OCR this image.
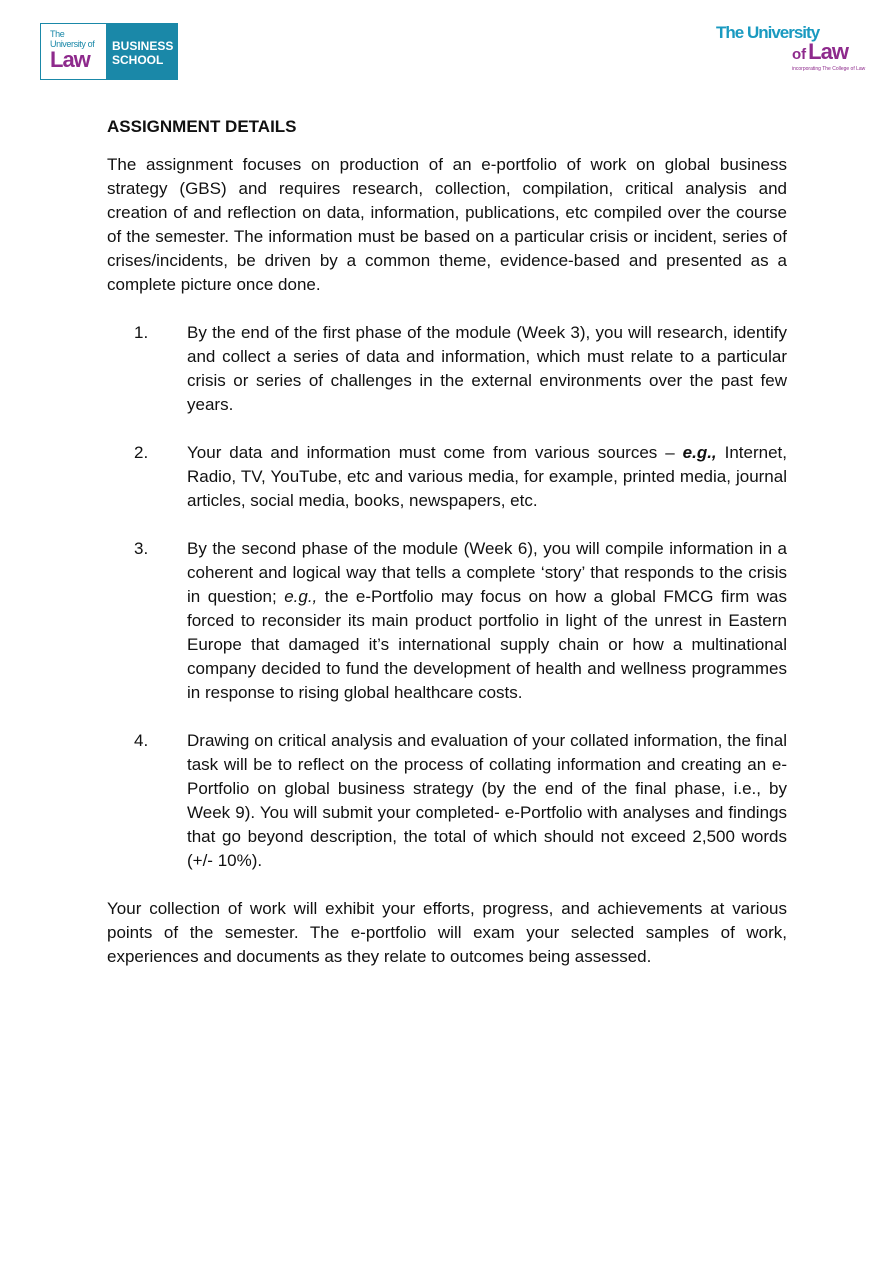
The
University of
Law
BUSINESS
SCHOOL
The University
of Law
incorporating The College of Law
ASSIGNMENT DETAILS

The assignment focuses on production of an e-portfolio of work on global business strategy (GBS) and requires research, collection, compilation, critical analysis and creation of and reflection on data, information, publications, etc compiled over the course of the semester. The information must be based on a particular crisis or incident, series of crises/incidents, be driven by a common theme, evidence-based and presented as a complete picture once done.

1.	By the end of the first phase of the module (Week 3), you will research, identify and collect a series of data and information, which must relate to a particular crisis or series of challenges in the external environments over the past few years.
2.	Your data and information must come from various sources – e.g., Internet, Radio, TV, YouTube, etc and various media, for example, printed media, journal articles, social media, books, newspapers, etc.
3.	By the second phase of the module (Week 6), you will compile information in a coherent and logical way that tells a complete ‘story’ that responds to the crisis in question; e.g., the e-Portfolio may focus on how a global FMCG firm was forced to reconsider its main product portfolio in light of the unrest in Eastern Europe that damaged it’s international supply chain or how a multinational company decided to fund the development of health and wellness programmes in response to rising global healthcare costs.
4.	Drawing on critical analysis and evaluation of your collated information, the final task will be to reflect on the process of collating information and creating an e-Portfolio on global business strategy (by the end of the final phase, i.e., by Week 9). You will submit your completed- e-Portfolio with analyses and findings that go beyond description, the total of which should not exceed 2,500 words (+/- 10%).

Your collection of work will exhibit your efforts, progress, and achievements at various points of the semester. The e-portfolio will exam your selected samples of work, experiences and documents as they relate to outcomes being assessed.
